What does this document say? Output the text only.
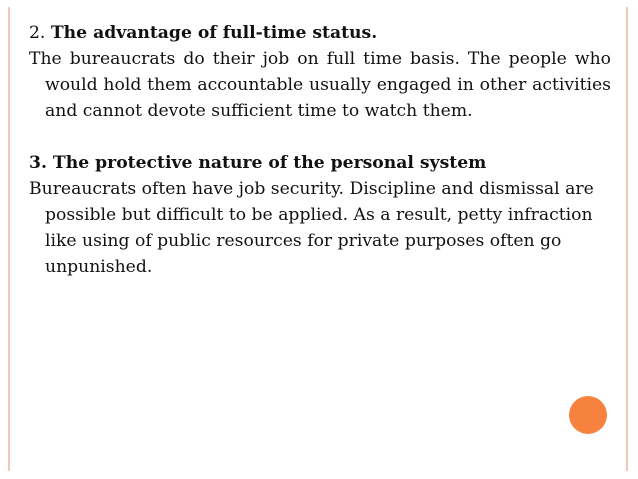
2. The advantage of full-time status.

The bureaucrats do their job on full time basis. The people who would hold them accountable usually engaged in other activities and cannot devote sufficient time to watch them.

3. The protective nature of the personal system

Bureaucrats often have job security. Discipline and dismissal are possible but difficult to be applied. As a result, petty infraction like using of public resources for private purposes often go unpunished.
